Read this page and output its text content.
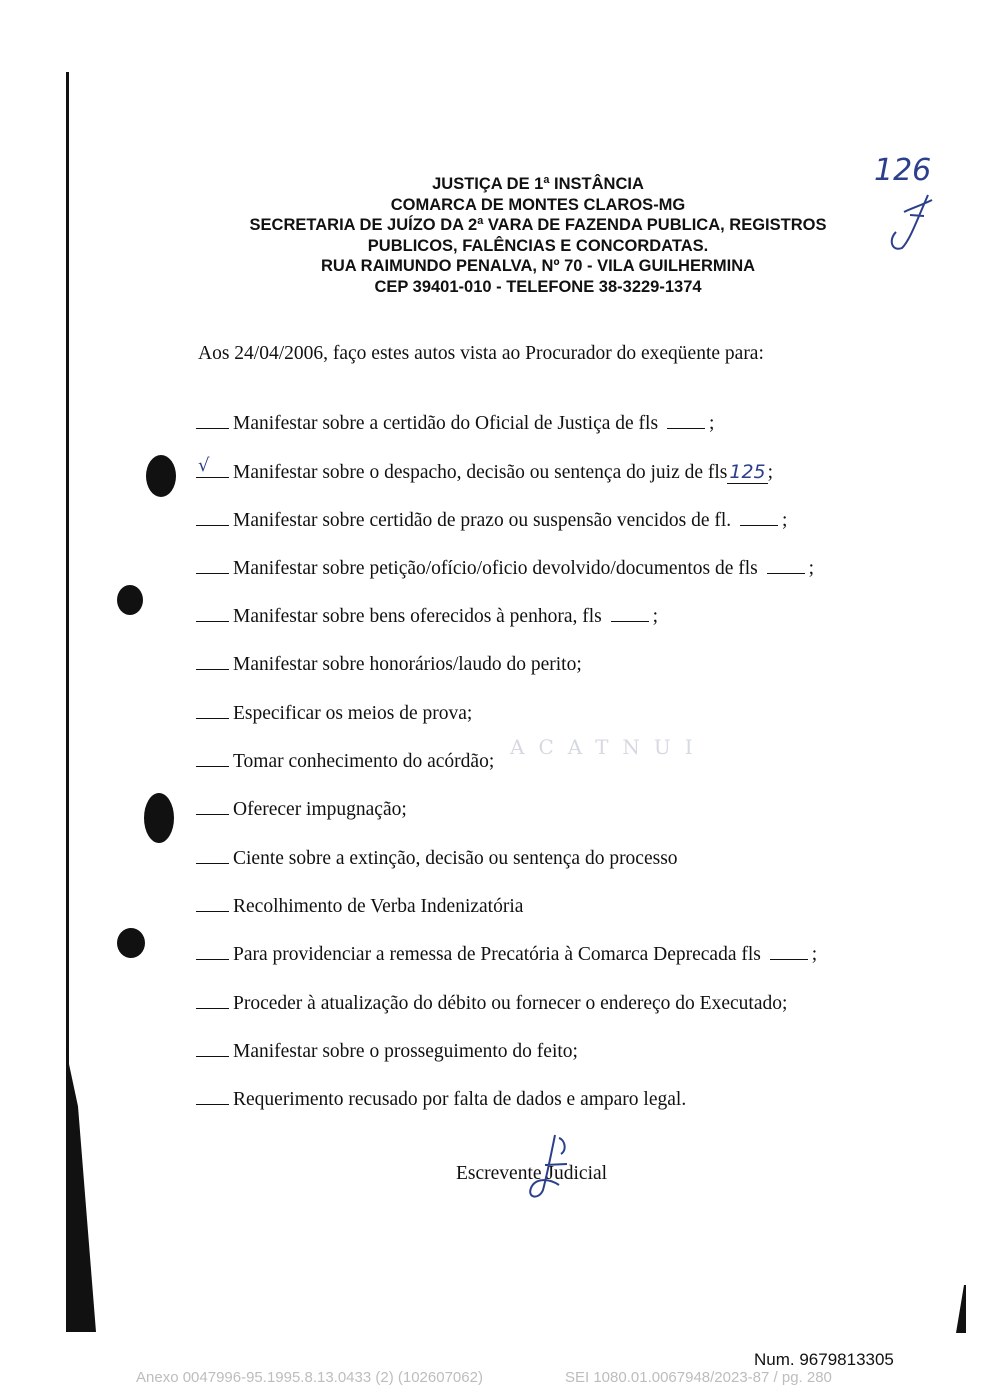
126
JUSTIÇA DE 1ª INSTÂNCIA
COMARCA DE MONTES CLAROS-MG
SECRETARIA DE JUÍZO DA 2ª VARA DE FAZENDA PUBLICA, REGISTROS
PUBLICOS, FALÊNCIAS E CONCORDATAS.
RUA RAIMUNDO PENALVA, Nº 70 - VILA GUILHERMINA
CEP 39401-010 - TELEFONE 38-3229-1374
Aos 24/04/2006, faço estes autos vista ao Procurador do exeqüente para:
ACATNUI
Manifestar sobre a certidão do Oficial de Justiça de fls	;
√ Manifestar sobre o despacho, decisão ou sentença do juiz de fls 125 ;
Manifestar sobre certidão de prazo ou suspensão vencidos de fl.	;
Manifestar sobre petição/ofício/oficio devolvido/documentos de fls	;
Manifestar sobre bens oferecidos à penhora, fls	;
Manifestar sobre honorários/laudo do perito;
Especificar os meios de prova;
Tomar conhecimento do acórdão;
Oferecer impugnação;
Ciente sobre a extinção, decisão ou sentença do processo
Recolhimento de Verba Indenizatória
Para providenciar a remessa de Precatória à Comarca Deprecada fls	;
Proceder à atualização do débito ou fornecer o endereço do Executado;
Manifestar sobre o prosseguimento do feito;
Requerimento recusado por falta de dados e amparo legal.
Escrevente Judicial
Num. 9679813305
Anexo 0047996-95.1995.8.13.0433 (2) (102607062)	SEI 1080.01.0067948/2023-87 / pg. 280
